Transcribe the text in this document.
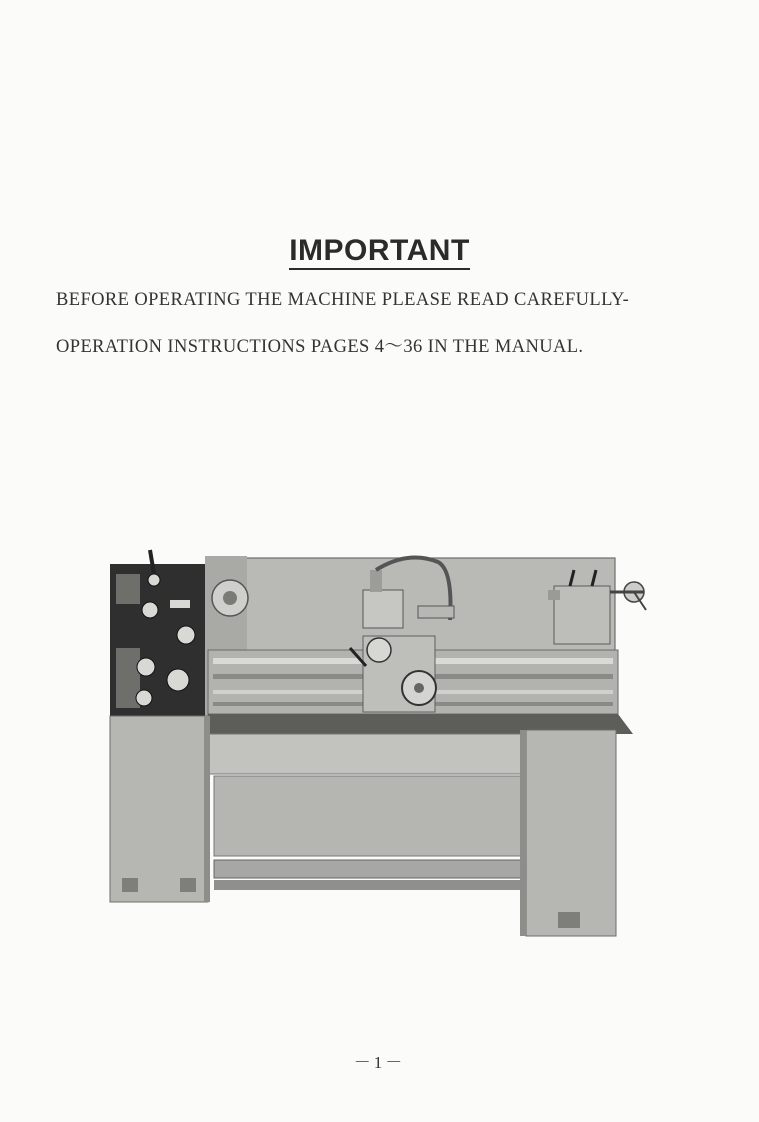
IMPORTANT
BEFORE OPERATING THE MACHINE PLEASE READ CAREFULLY-
OPERATION INSTRUCTIONS PAGES 4～36 IN THE MANUAL.
－1－
